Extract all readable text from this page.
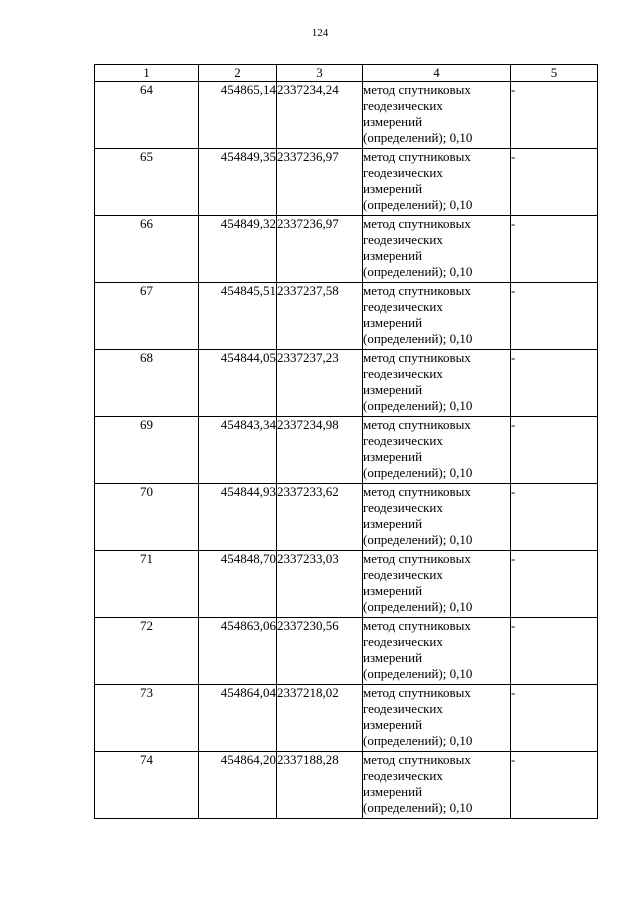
124
1	2	3	4	5
64	454865,14	2337234,24	метод спутниковых
геодезических
измерений
(определений); 0,10	-
65	454849,35	2337236,97	метод спутниковых
геодезических
измерений
(определений); 0,10	-
66	454849,32	2337236,97	метод спутниковых
геодезических
измерений
(определений); 0,10	-
67	454845,51	2337237,58	метод спутниковых
геодезических
измерений
(определений); 0,10	-
68	454844,05	2337237,23	метод спутниковых
геодезических
измерений
(определений); 0,10	-
69	454843,34	2337234,98	метод спутниковых
геодезических
измерений
(определений); 0,10	-
70	454844,93	2337233,62	метод спутниковых
геодезических
измерений
(определений); 0,10	-
71	454848,70	2337233,03	метод спутниковых
геодезических
измерений
(определений); 0,10	-
72	454863,06	2337230,56	метод спутниковых
геодезических
измерений
(определений); 0,10	-
73	454864,04	2337218,02	метод спутниковых
геодезических
измерений
(определений); 0,10	-
74	454864,20	2337188,28	метод спутниковых
геодезических
измерений
(определений); 0,10	-
